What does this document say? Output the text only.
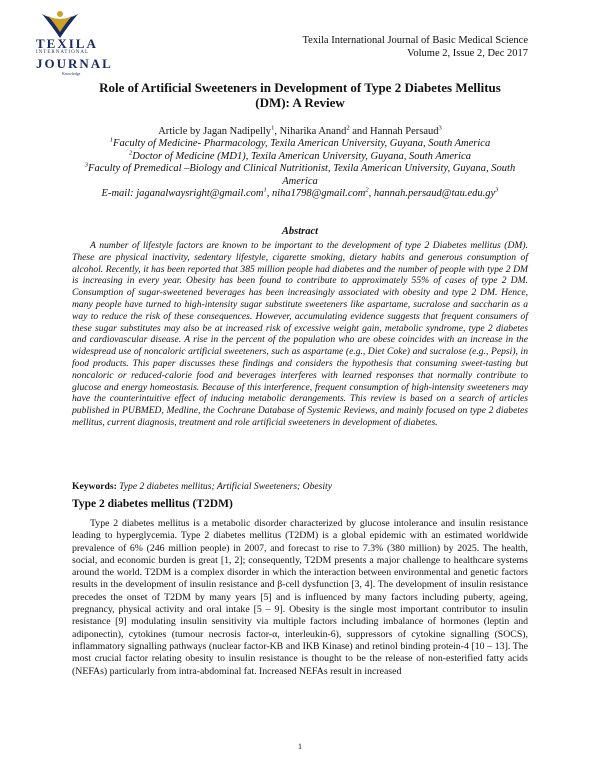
TEXILA
INTERNATIONAL
JOURNAL
Knowledge
Texila International Journal of Basic Medical Science
Volume 2, Issue 2, Dec 2017
Role of Artificial Sweeteners in Development of Type 2 Diabetes Mellitus
(DM): A Review
Article by Jagan Nadipelly$^1$, Niharika Anand$^2$ and Hannah Persaud$^3$
$^1$Faculty of Medicine- Pharmacology, Texila American University, Guyana, South America
$^2$Doctor of Medicine (MD1), Texila American University, Guyana, South America
$^3$Faculty of Premedical –Biology and Clinical Nutritionist, Texila American University, Guyana, South America
E-mail: jaganalwaysright@gmail.com$^1$, niha1798@gmail.com$^2$, $hannah.persaud@tau.edu.gy^3$
Abstract

A number of lifestyle factors are known to be important to the development of type 2 Diabetes mellitus (DM). These are physical inactivity, sedentary lifestyle, cigarette smoking, dietary habits and generous consumption of alcohol. Recently, it has been reported that 385 million people had diabetes and the number of people with type 2 DM is increasing in every year. Obesity has been found to contribute to approximately 55% of cases of type 2 DM. Consumption of sugar-sweetened beverages has been increasingly associated with obesity and type 2 DM. Hence, many people have turned to high-intensity sugar substitute sweeteners like aspartame, sucralose and saccharin as a way to reduce the risk of these consequences. However, accumulating evidence suggests that frequent consumers of these sugar substitutes may also be at increased risk of excessive weight gain, metabolic syndrome, type 2 diabetes and cardiovascular disease. A rise in the percent of the population who are obese coincides with an increase in the widespread use of noncaloric artificial sweeteners, such as aspartame (e.g., Diet Coke) and sucralose (e.g., Pepsi), in food products. This paper discusses these findings and considers the hypothesis that consuming sweet-tasting but noncaloric or reduced-calorie food and beverages interferes with learned responses that normally contribute to glucose and energy homeostasis. Because of this interference, frequent consumption of high-intensity sweeteners may have the counterintuitive effect of inducing metabolic derangements. This review is based on a search of articles published in PUBMED, Medline, the Cochrane Database of Systemic Reviews, and mainly focused on type 2 diabetes mellitus, current diagnosis, treatment and role artificial sweeteners in development of diabetes.

Keywords: Type 2 diabetes mellitus; Artificial Sweeteners; Obesity
Type 2 diabetes mellitus (T2DM)

Type 2 diabetes mellitus is a metabolic disorder characterized by glucose intolerance and insulin resistance leading to hyperglycemia. Type 2 diabetes mellitus (T2DM) is a global epidemic with an estimated worldwide prevalence of 6% (246 million people) in 2007, and forecast to rise to 7.3% (380 million) by 2025. The health, social, and economic burden is great [1, 2]; consequently, T2DM presents a major challenge to healthcare systems around the world. T2DM is a complex disorder in which the interaction between environmental and genetic factors results in the development of insulin resistance and β-cell dysfunction [3, 4]. The development of insulin resistance precedes the onset of T2DM by many years [5] and is influenced by many factors including puberty, ageing, pregnancy, physical activity and oral intake [5 – 9]. Obesity is the single most important contributor to insulin resistance [9] modulating insulin sensitivity via multiple factors including imbalance of hormones (leptin and adiponectin), cytokines (tumour necrosis factor-α, interleukin-6), suppressors of cytokine signalling (SOCS), inflammatory signalling pathways (nuclear factor-KB and IKB Kinase) and retinol binding protein-4 [10 – 13]. The most crucial factor relating obesity to insulin resistance is thought to be the release of non-esterified fatty acids (NEFAs) particularly from intra-abdominal fat. Increased NEFAs result in increased

1
